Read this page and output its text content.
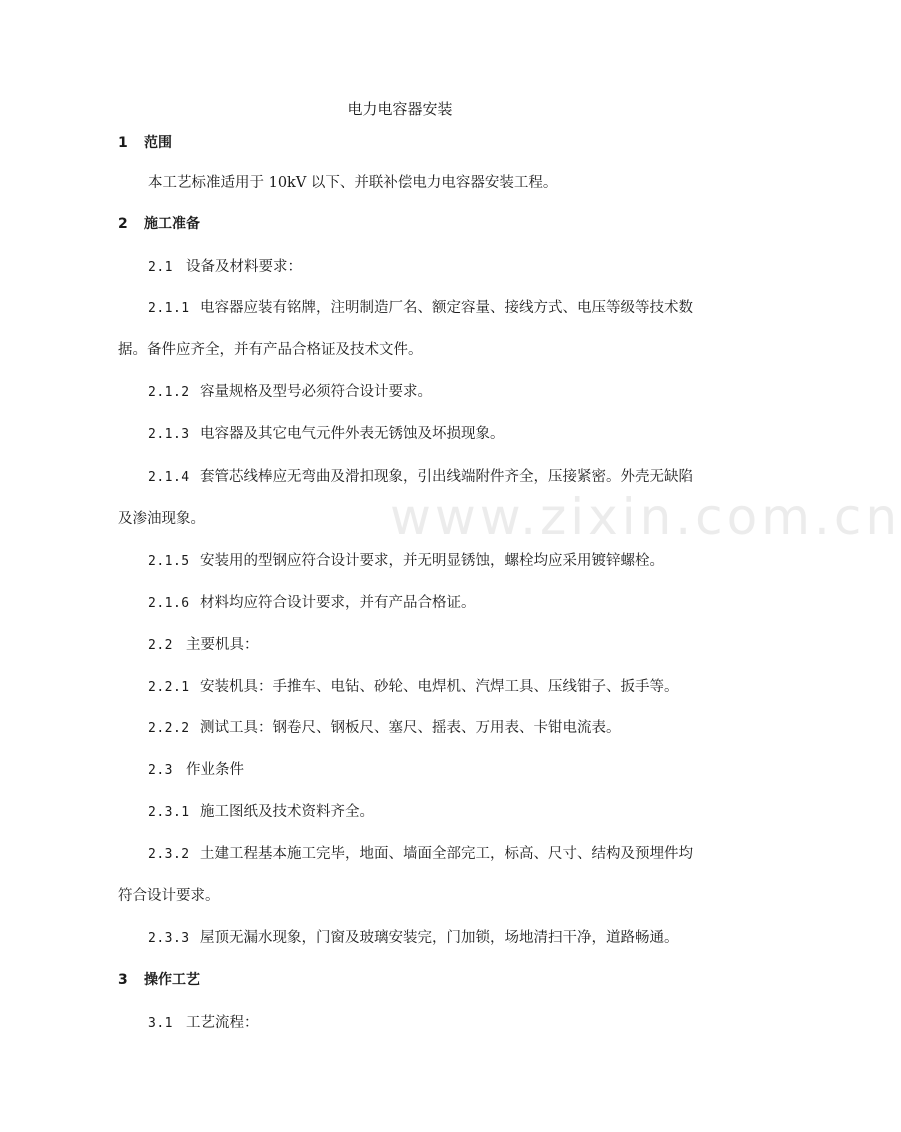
www.zixin.com.cn
电力电容器安装
1 范围
本工艺标准适用于 10kV 以下、并联补偿电力电容器安装工程。
2 施工准备
2.1 设备及材料要求：
2.1.1 电容器应装有铭牌，注明制造厂名、额定容量、接线方式、电压等级等技术数
据。备件应齐全，并有产品合格证及技术文件。
2.1.2 容量规格及型号必须符合设计要求。
2.1.3 电容器及其它电气元件外表无锈蚀及坏损现象。
2.1.4 套管芯线棒应无弯曲及滑扣现象，引出线端附件齐全，压接紧密。外壳无缺陷
及渗油现象。
2.1.5 安装用的型钢应符合设计要求，并无明显锈蚀，螺栓均应采用镀锌螺栓。
2.1.6 材料均应符合设计要求，并有产品合格证。
2.2 主要机具：
2.2.1 安装机具：手推车、电钻、砂轮、电焊机、汽焊工具、压线钳子、扳手等。
2.2.2 测试工具：钢卷尺、钢板尺、塞尺、摇表、万用表、卡钳电流表。
2.3 作业条件
2.3.1 施工图纸及技术资料齐全。
2.3.2 土建工程基本施工完毕，地面、墙面全部完工，标高、尺寸、结构及预埋件均
符合设计要求。
2.3.3 屋顶无漏水现象，门窗及玻璃安装完，门加锁，场地清扫干净，道路畅通。
3 操作工艺
3.1 工艺流程：
